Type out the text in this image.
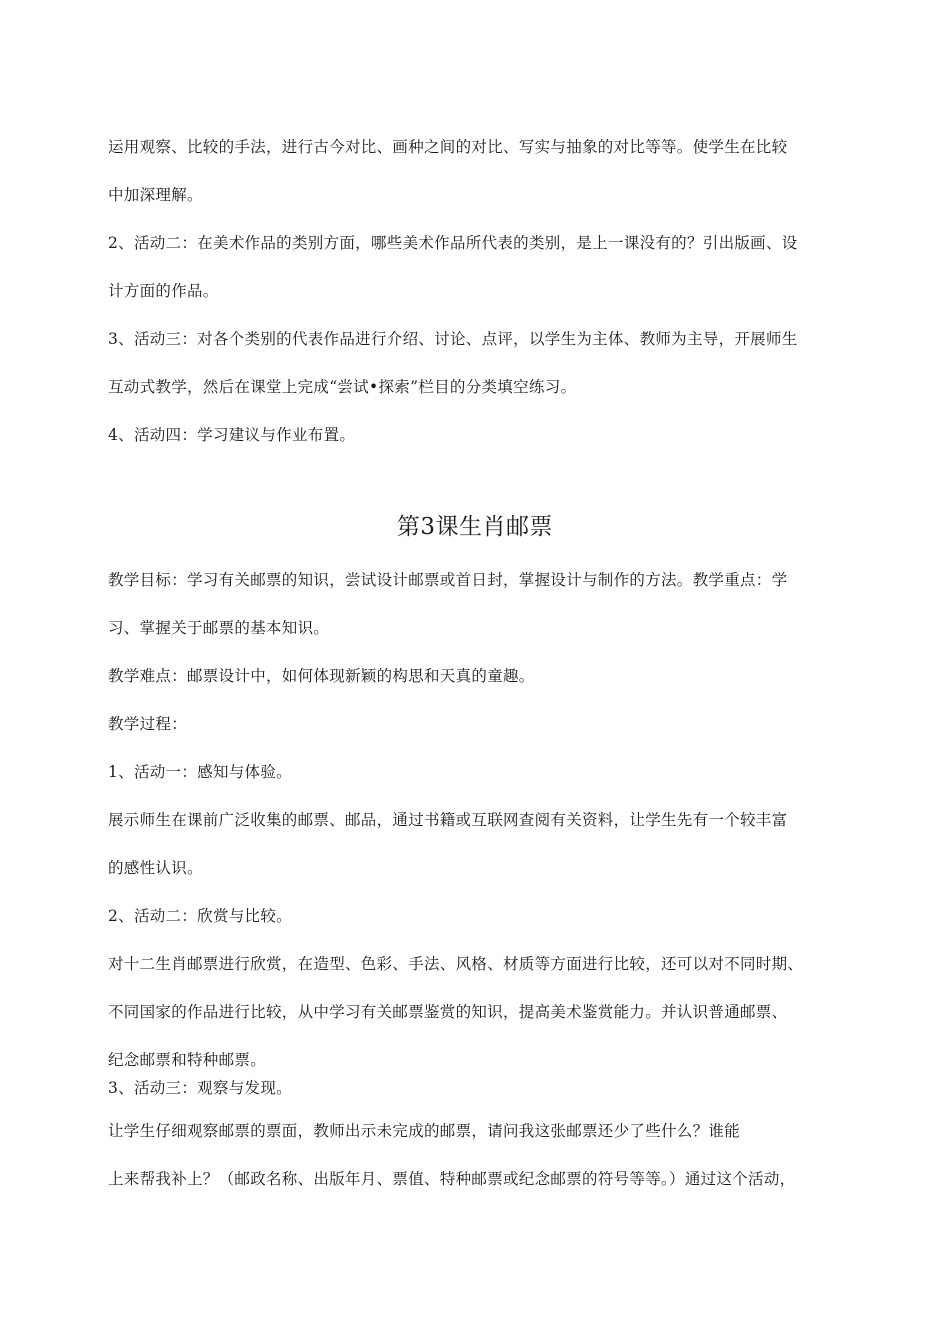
运用观察、比较的手法，进行古今对比、画种之间的对比、写实与抽象的对比等等。使学生在比较
中加深理解。
2、活动二：在美术作品的类别方面，哪些美术作品所代表的类别，是上一课没有的？引出版画、设
计方面的作品。
3、活动三：对各个类别的代表作品进行介绍、讨论、点评，以学生为主体、教师为主导，开展师生
互动式教学，然后在课堂上完成“尝试•探索”栏目的分类填空练习。
4、活动四：学习建议与作业布置。
第3课生肖邮票
教学目标：学习有关邮票的知识，尝试设计邮票或首日封，掌握设计与制作的方法。教学重点：学
习、掌握关于邮票的基本知识。
教学难点：邮票设计中，如何体现新颖的构思和天真的童趣。
教学过程：
1、活动一：感知与体验。
展示师生在课前广泛收集的邮票、邮品，通过书籍或互联网查阅有关资料，让学生先有一个较丰富
的感性认识。
2、活动二：欣赏与比较。
对十二生肖邮票进行欣赏，在造型、色彩、手法、风格、材质等方面进行比较，还可以对不同时期、
不同国家的作品进行比较，从中学习有关邮票鉴赏的知识，提高美术鉴赏能力。并认识普通邮票、
纪念邮票和特种邮票。
3、活动三：观察与发现。
让学生仔细观察邮票的票面，教师出示未完成的邮票，请问我这张邮票还少了些什么？谁能
上来帮我补上？（邮政名称、出版年月、票值、特种邮票或纪念邮票的符号等等。）通过这个活动，
